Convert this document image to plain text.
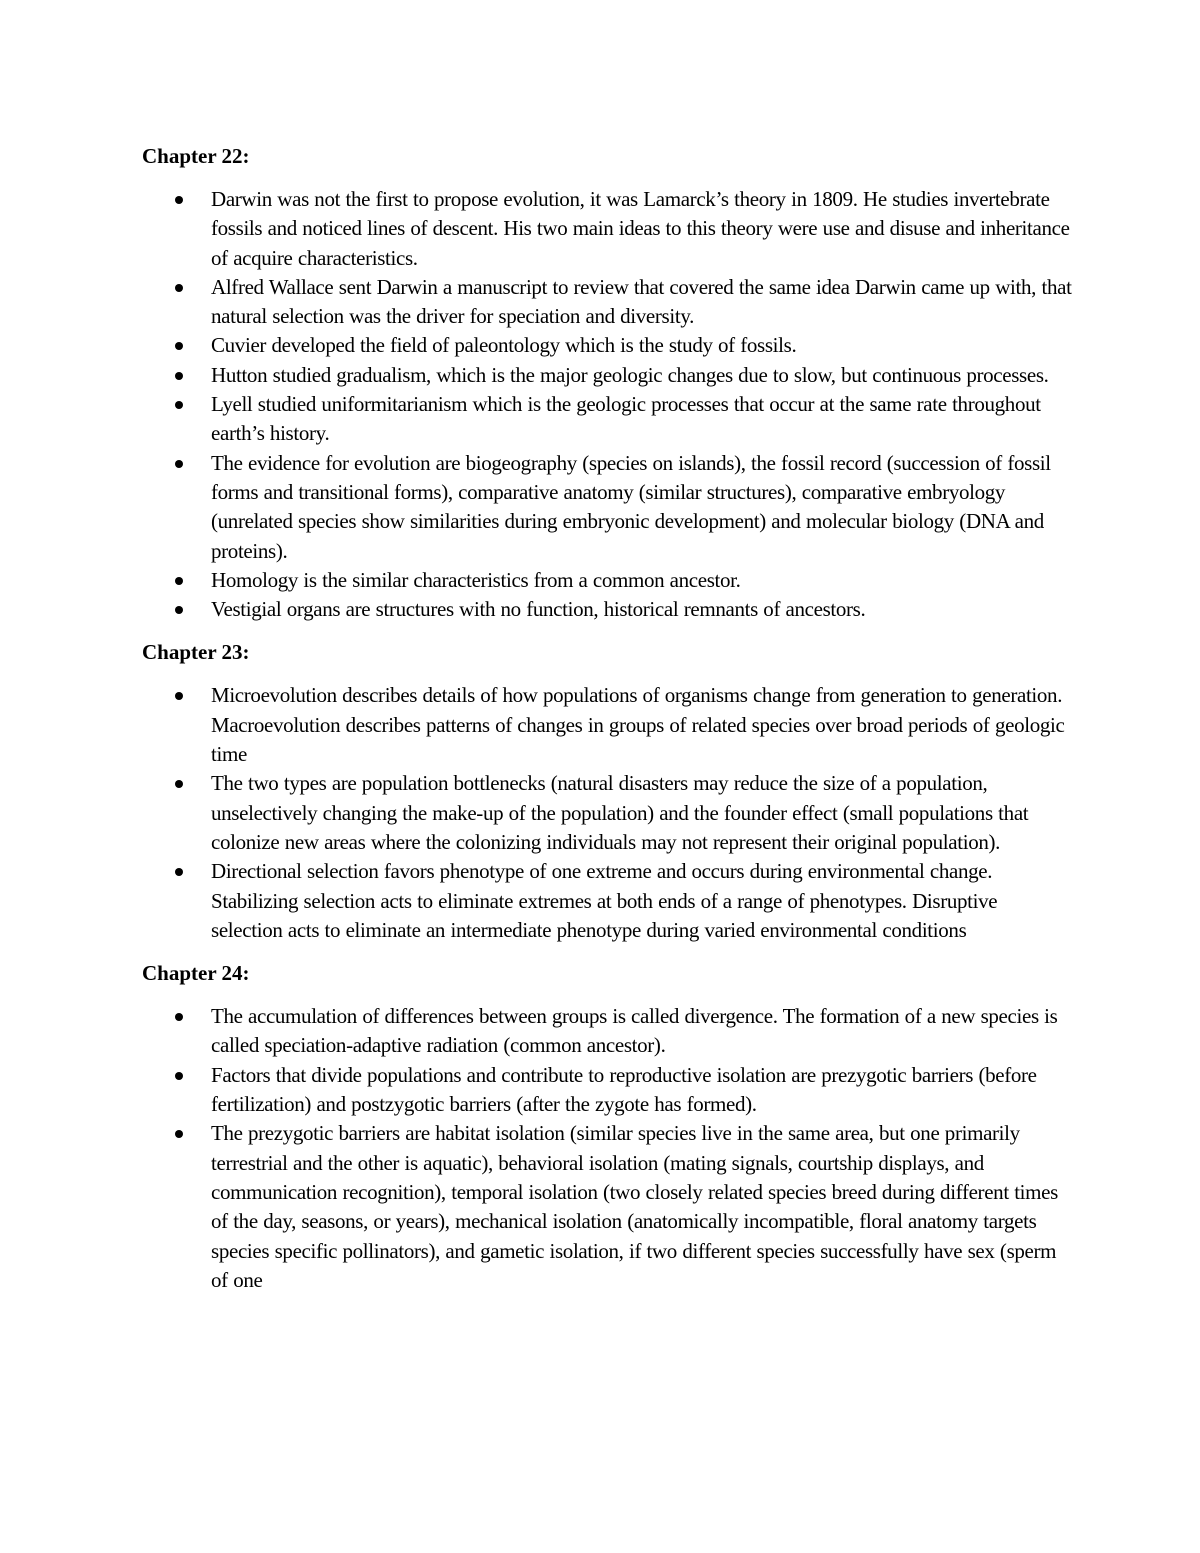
Chapter 22:
Darwin was not the first to propose evolution, it was Lamarck’s theory in 1809. He studies invertebrate fossils and noticed lines of descent. His two main ideas to this theory were use and disuse and inheritance of acquire characteristics.
Alfred Wallace sent Darwin a manuscript to review that covered the same idea Darwin came up with, that natural selection was the driver for speciation and diversity.
Cuvier developed the field of paleontology which is the study of fossils.
Hutton studied gradualism, which is the major geologic changes due to slow, but continuous processes.
Lyell studied uniformitarianism which is the geologic processes that occur at the same rate throughout earth’s history.
The evidence for evolution are biogeography (species on islands), the fossil record (succession of fossil forms and transitional forms), comparative anatomy (similar structures), comparative embryology (unrelated species show similarities during embryonic development) and molecular biology (DNA and proteins).
Homology is the similar characteristics from a common ancestor.
Vestigial organs are structures with no function, historical remnants of ancestors.
Chapter 23:
Microevolution describes details of how populations of organisms change from generation to generation. Macroevolution describes patterns of changes in groups of related species over broad periods of geologic time
The two types are population bottlenecks (natural disasters may reduce the size of a population, unselectively changing the make-up of the population) and the founder effect (small populations that colonize new areas where the colonizing individuals may not represent their original population).
Directional selection favors phenotype of one extreme and occurs during environmental change. Stabilizing selection acts to eliminate extremes at both ends of a range of phenotypes. Disruptive selection acts to eliminate an intermediate phenotype during varied environmental conditions
Chapter 24:
The accumulation of differences between groups is called divergence. The formation of a new species is called speciation-adaptive radiation (common ancestor).
Factors that divide populations and contribute to reproductive isolation are prezygotic barriers (before fertilization) and postzygotic barriers (after the zygote has formed).
The prezygotic barriers are habitat isolation (similar species live in the same area, but one primarily terrestrial and the other is aquatic), behavioral isolation (mating signals, courtship displays, and communication recognition), temporal isolation (two closely related species breed during different times of the day, seasons, or years), mechanical isolation (anatomically incompatible, floral anatomy targets species specific pollinators), and gametic isolation, if two different species successfully have sex (sperm of one
